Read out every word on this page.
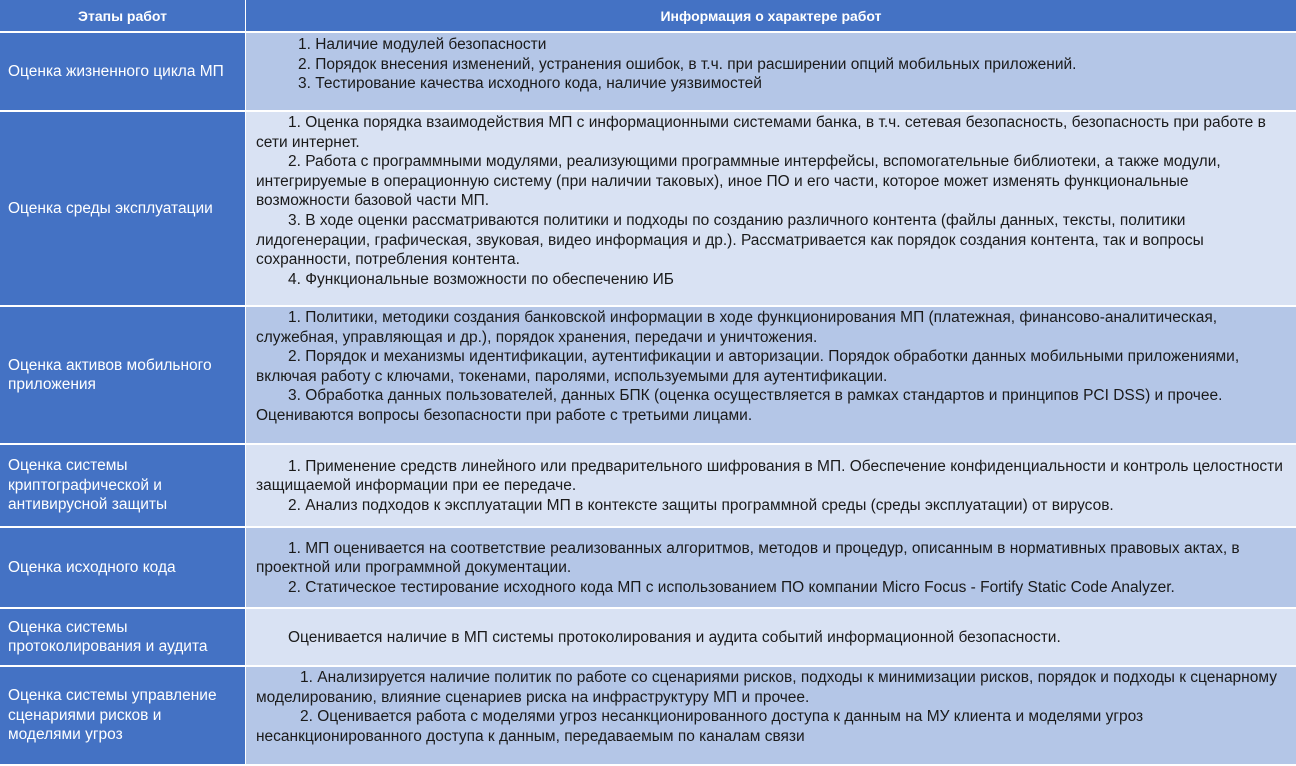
Этапы работ	Информация о характере работ
Оценка жизненного цикла МП

1. Наличие модулей безопасности

2. Порядок внесения изменений, устранения ошибок, в т.ч. при расширении опций мобильных приложений.

3. Тестирование качества исходного кода, наличие уязвимостей

Оценка среды эксплуатации

1. Оценка порядка взаимодействия МП с информационными системами банка, в т.ч. сетевая безопасность, безопасность при работе в сети интернет.

2. Работа с программными модулями, реализующими программные интерфейсы, вспомогательные библиотеки, а также модули, интегрируемые в операционную систему (при наличии таковых), иное ПО и его части, которое может изменять функциональные возможности базовой части МП.

3. В ходе оценки рассматриваются политики и подходы по созданию различного контента (файлы данных, тексты, политики лидогенерации, графическая, звуковая, видео информация и др.). Рассматривается как порядок создания контента, так и вопросы сохранности, потребления контента.

4. Функциональные возможности по обеспечению ИБ

Оценка активов мобильного приложения

1. Политики, методики создания банковской информации в ходе функционирования МП (платежная, финансово-аналитическая, служебная, управляющая и др.), порядок хранения, передачи и уничтожения.

2. Порядок и механизмы идентификации, аутентификации и авторизации. Порядок обработки данных мобильными приложениями, включая работу с ключами, токенами, паролями, используемыми для аутентификации.

3. Обработка данных пользователей, данных БПК (оценка осуществляется в рамках стандартов и принципов PCI DSS) и прочее. Оцениваются вопросы безопасности при работе с третьими лицами.

Оценка системы криптографической и антивирусной защиты

1. Применение средств линейного или предварительного шифрования в МП. Обеспечение конфиденциальности и контроль целостности защищаемой информации при ее передаче.

2. Анализ подходов к эксплуатации МП в контексте защиты программной среды (среды эксплуатации) от вирусов.

Оценка исходного кода

1. МП оценивается на соответствие реализованных алгоритмов, методов и процедур, описанным в нормативных правовых актах, в проектной или программной документации.

2. Статическое тестирование исходного кода МП с использованием ПО компании Micro Focus - Fortify Static Code Analyzer.

Оценка системы протоколирования и аудита

Оценивается наличие в МП системы протоколирования и аудита событий информационной безопасности.

Оценка системы управление сценариями рисков и моделями угроз

1. Анализируется наличие политик по работе со сценариями рисков, подходы к минимизации рисков, порядок и подходы к сценарному моделированию, влияние сценариев риска на инфраструктуру МП и прочее.

2. Оценивается работа с моделями угроз несанкционированного доступа к данным на МУ клиента и моделями угроз несанкционированного доступа к данным, передаваемым по каналам связи
